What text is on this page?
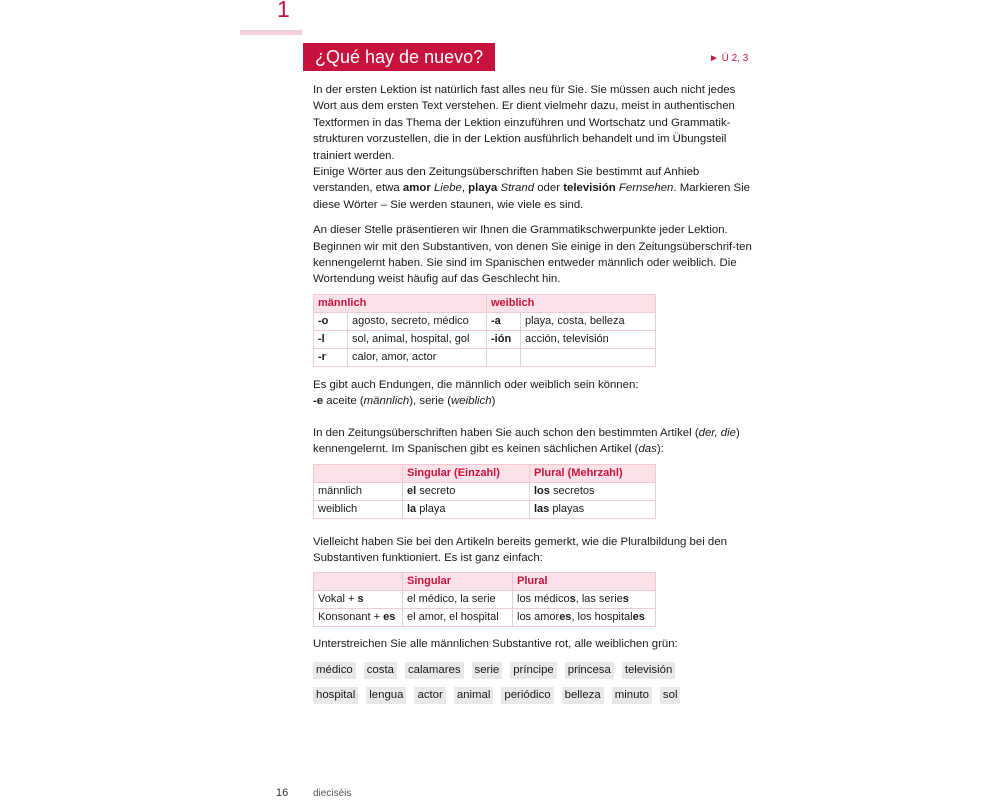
1
¿Qué hay de nuevo?	► Ü 2, 3

In der ersten Lektion ist natürlich fast alles neu für Sie. Sie müssen auch nicht jedes Wort aus dem ersten Text verstehen. Er dient vielmehr dazu, meist in authentischen Textformen in das Thema der Lektion einzuführen und Wortschatz und Grammatik-strukturen vorzustellen, die in der Lektion ausführlich behandelt und im Übungsteil trainiert werden.

Einige Wörter aus den Zeitungsüberschriften haben Sie bestimmt auf Anhieb verstanden, etwa amor Liebe, playa Strand oder televisión Fernsehen. Markieren Sie diese Wörter – Sie werden staunen, wie viele es sind.

An dieser Stelle präsentieren wir Ihnen die Grammatikschwerpunkte jeder Lektion.

Beginnen wir mit den Substantiven, von denen Sie einige in den Zeitungsüberschrif-ten kennengelernt haben. Sie sind im Spanischen entweder männlich oder weiblich. Die Wortendung weist häufig auf das Geschlecht hin.

männlich		weiblich	
-o	agosto, secreto, médico	-a	playa, costa, belleza
-l	sol, animal, hospital, gol	-ión	acción, televisión
-r	calor, amor, actor		

Es gibt auch Endungen, die männlich oder weiblich sein können:

-e aceite (männlich), serie (weiblich)

In den Zeitungsüberschriften haben Sie auch schon den bestimmten Artikel (der, die) kennengelernt. Im Spanischen gibt es keinen sächlichen Artikel (das):

	Singular (Einzahl)	Plural (Mehrzahl)
männlich	el secreto	los secretos
weiblich	la playa	las playas

Vielleicht haben Sie bei den Artikeln bereits gemerkt, wie die Pluralbildung bei den Substantiven funktioniert. Es ist ganz einfach:

	Singular	Plural
Vokal + s	el médico, la serie	los médicos, las series
Konsonant + es	el amor, el hospital	los amores, los hospitales

Unterstreichen Sie alle männlichen Substantive rot, alle weiblichen grün:

médico costa calamares serie príncipe princesa televisión
hospital lengua actor animal periódico belleza minuto sol
16 dieciséis
